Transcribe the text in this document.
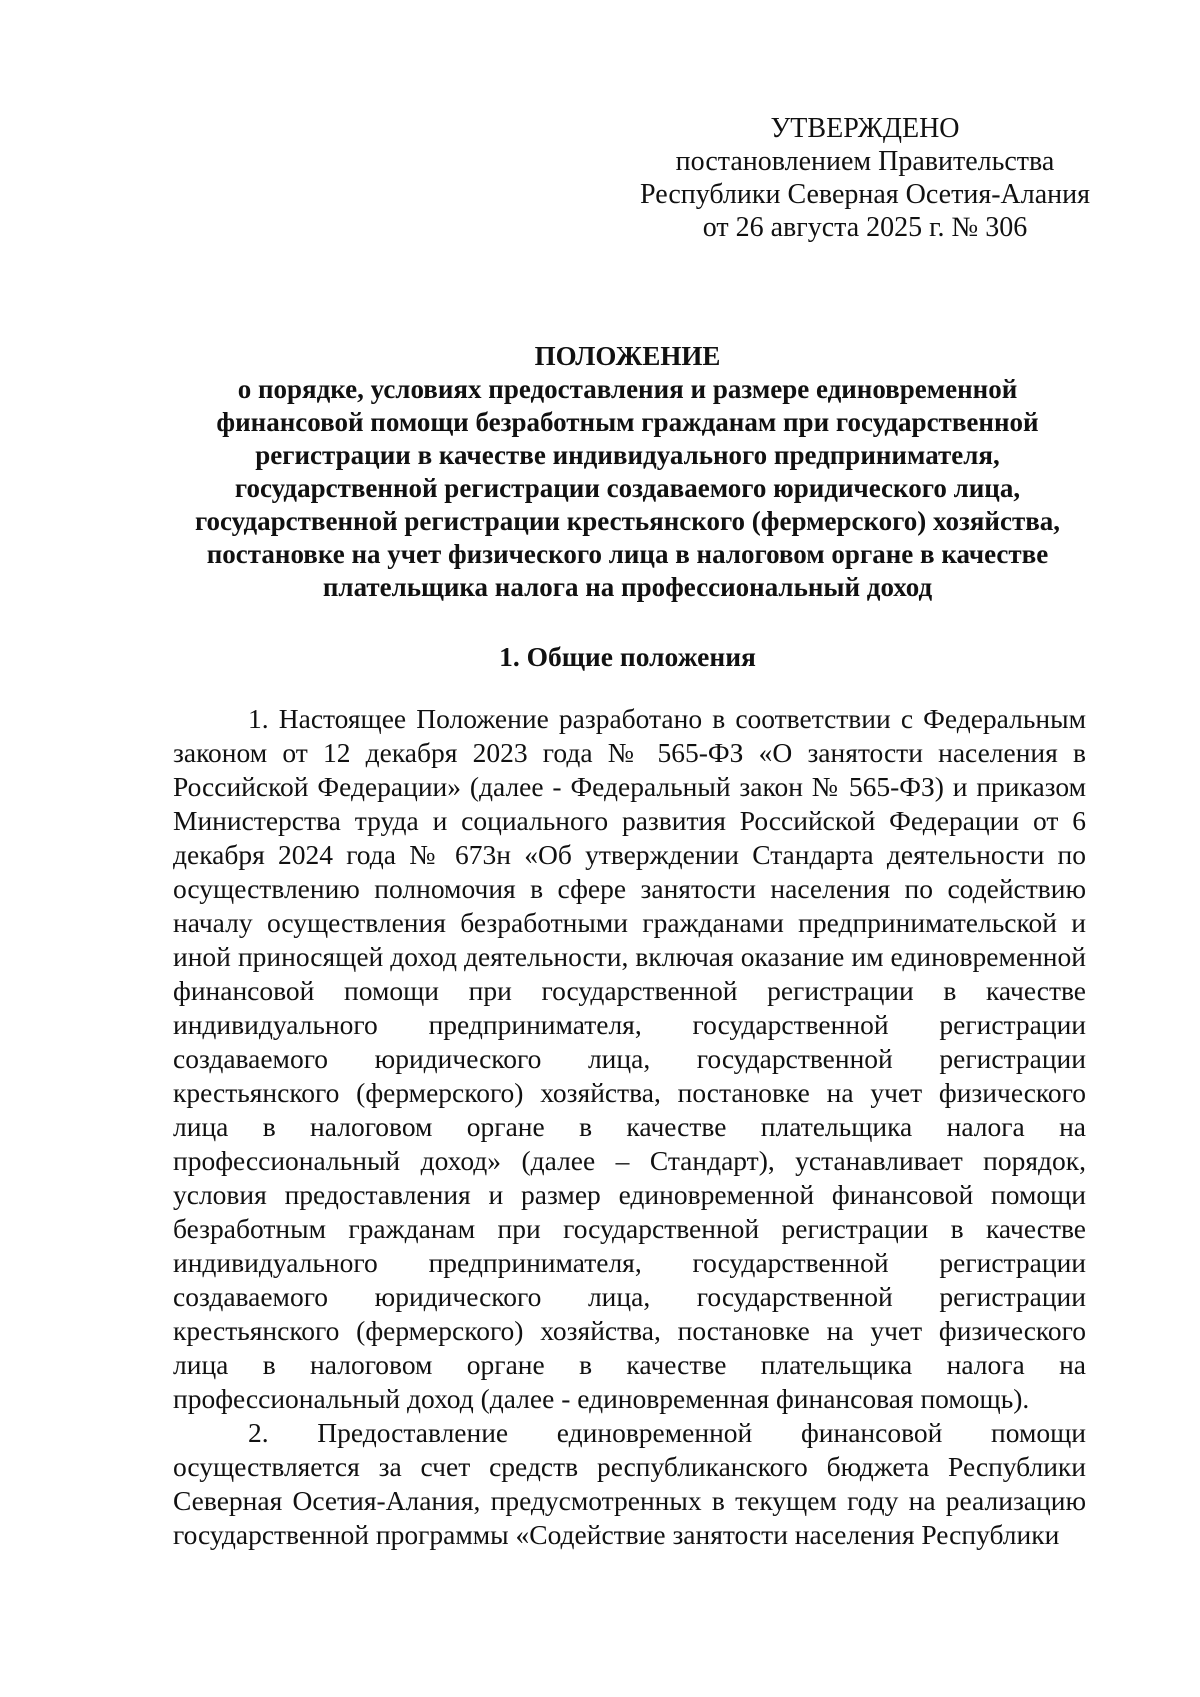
УТВЕРЖДЕНО
постановлением Правительства
Республики Северная Осетия-Алания
от 26 августа 2025 г. № 306
ПОЛОЖЕНИЕ
о порядке, условиях предоставления и размере единовременной финансовой помощи безработным гражданам при государственной регистрации в качестве индивидуального предпринимателя, государственной регистрации создаваемого юридического лица, государственной регистрации крестьянского (фермерского) хозяйства, постановке на учет физического лица в налоговом органе в качестве плательщика налога на профессиональный доход
1. Общие положения

1. Настоящее Положение разработано в соответствии с Федеральным законом от 12 декабря 2023 года № 565-ФЗ «О занятости населения в Российской Федерации» (далее - Федеральный закон № 565-ФЗ) и приказом Министерства труда и социального развития Российской Федерации от 6 декабря 2024 года № 673н «Об утверждении Стандарта деятельности по осуществлению полномочия в сфере занятости населения по содействию началу осуществления безработными гражданами предпринимательской и иной приносящей доход деятельности, включая оказание им единовременной финансовой помощи при государственной регистрации в качестве индивидуального предпринимателя, государственной регистрации создаваемого юридического лица, государственной регистрации крестьянского (фермерского) хозяйства, постановке на учет физического лица в налоговом органе в качестве плательщика налога на профессиональный доход» (далее – Стандарт), устанавливает порядок, условия предоставления и размер единовременной финансовой помощи безработным гражданам при государственной регистрации в качестве индивидуального предпринимателя, государственной регистрации создаваемого юридического лица, государственной регистрации крестьянского (фермерского) хозяйства, постановке на учет физического лица в налоговом органе в качестве плательщика налога на профессиональный доход (далее - единовременная финансовая помощь).

2. Предоставление единовременной финансовой помощи осуществляется за счет средств республиканского бюджета Республики Северная Осетия-Алания, предусмотренных в текущем году на реализацию государственной программы «Содействие занятости населения Республики
